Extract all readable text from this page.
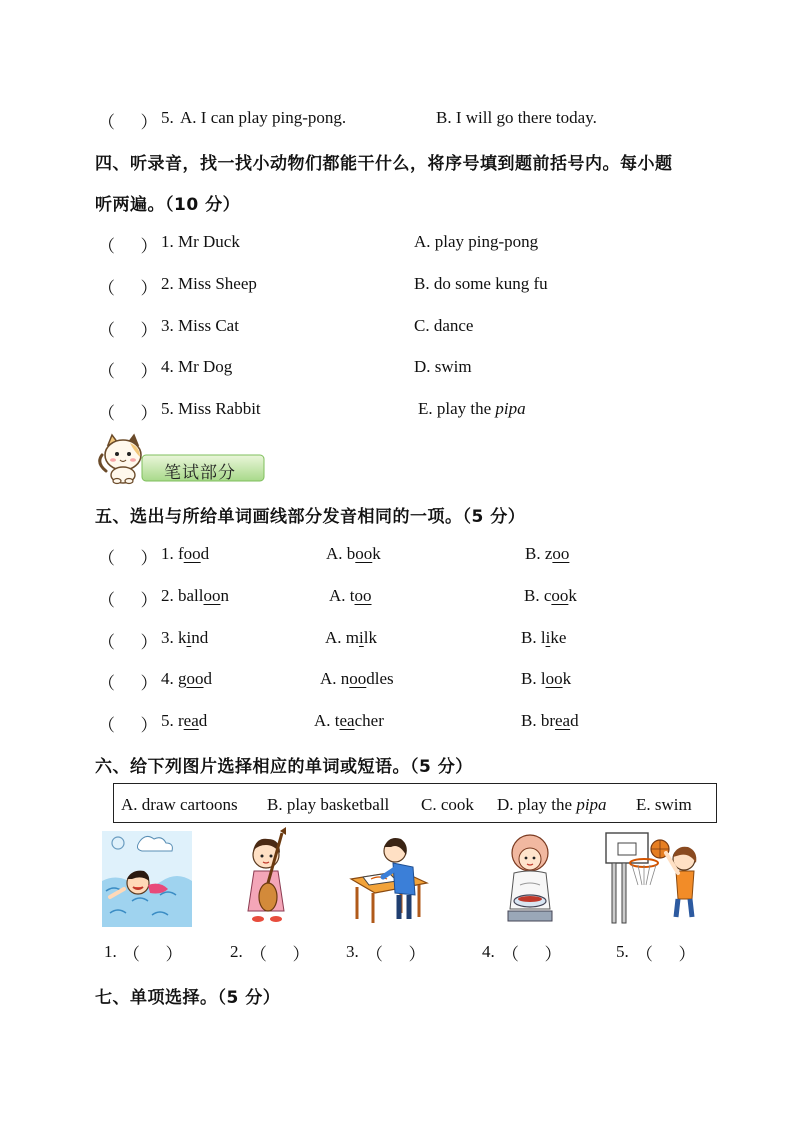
（      ） 5. A. I can play ping-pong.	B. I will go there today.
四、听录音，找一找小动物们都能干什么，将序号填到题前括号内。每小题
听两遍。（10 分）
（      ） 1. Mr Duck	A. play ping-pong
（      ） 2. Miss Sheep	B. do some kung fu
（      ） 3. Miss Cat	C. dance
（      ） 4. Mr Dog	D. swim
（      ） 5. Miss Rabbit	E. play the pipa
笔试部分
五、选出与所给单词画线部分发音相同的一项。（5 分）
（      ） 1. food	A. book	B. zoo
（      ） 2. balloon	A. too	B. cook
（      ） 3. kind	A. milk	B. like
（      ） 4. good	A. noodles	B. look
（      ） 5. read	A. teacher	B. bread
六、给下列图片选择相应的单词或短语。（5 分）
A. draw cartoons B. play basketball C. cook D. play the pipa E. swim
1. （      ）	2. （      ） 3. （      ）	4. （      ）	5. （      ）
七、单项选择。（5 分）
